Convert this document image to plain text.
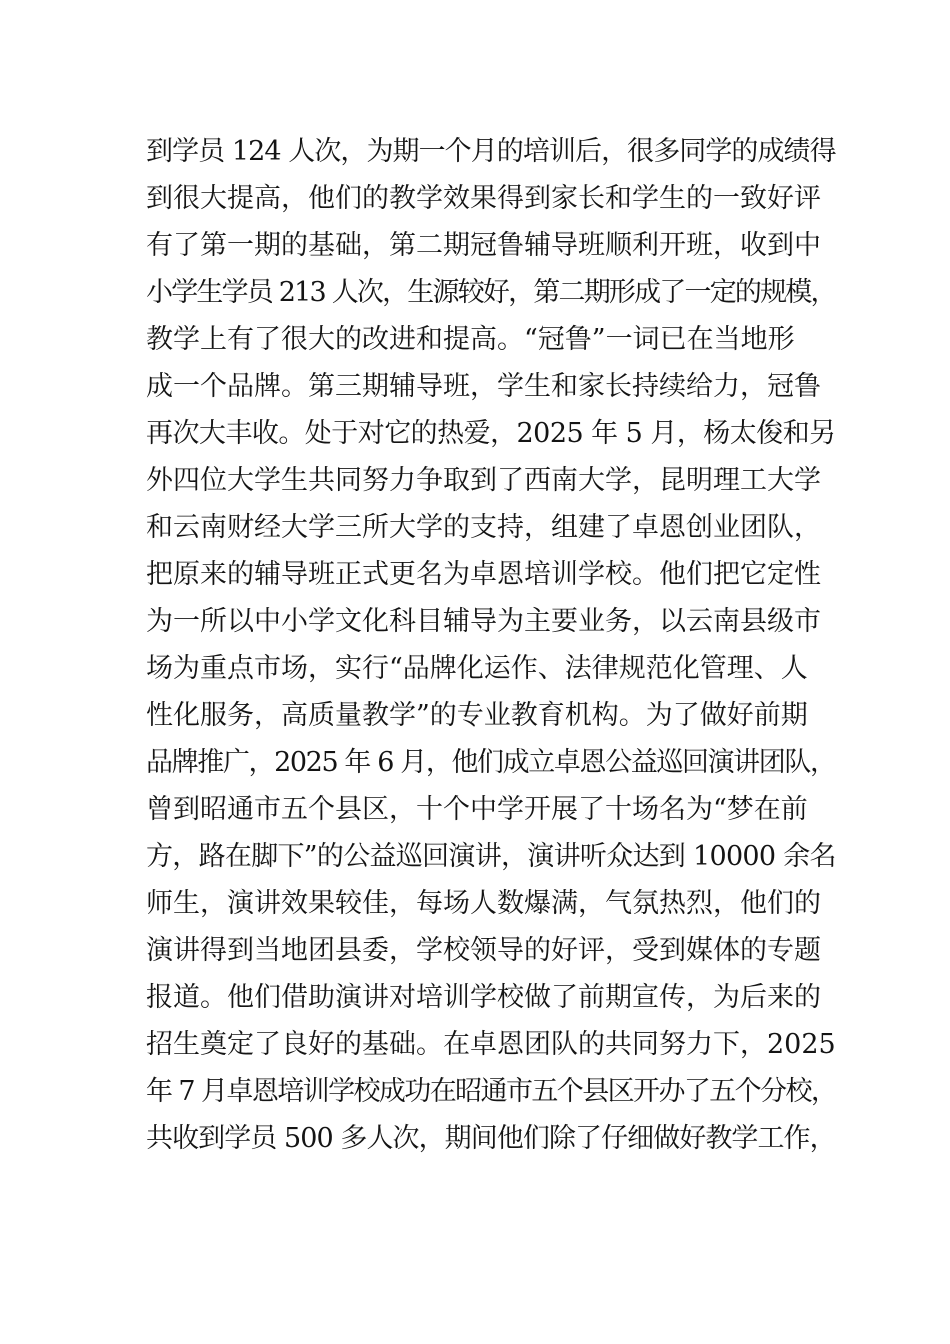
到学员 124 人次，为期一个月的培训后，很多同学的成绩得
到很大提高，他们的教学效果得到家长和学生的一致好评
有了第一期的基础，第二期冠鲁辅导班顺利开班，收到中
小学生学员 213 人次，生源较好，第二期形成了一定的规模，
教学上有了很大的改进和提高。“冠鲁”一词已在当地形
成一个品牌。第三期辅导班，学生和家长持续给力，冠鲁
再次大丰收。处于对它的热爱，2025 年 5 月，杨太俊和另
外四位大学生共同努力争取到了西南大学，昆明理工大学
和云南财经大学三所大学的支持，组建了卓恩创业团队，
把原来的辅导班正式更名为卓恩培训学校。他们把它定性
为一所以中小学文化科目辅导为主要业务，以云南县级市
场为重点市场，实行“品牌化运作、法律规范化管理、人
性化服务，高质量教学”的专业教育机构。为了做好前期
品牌推广，2025 年 6 月，他们成立卓恩公益巡回演讲团队，
曾到昭通市五个县区，十个中学开展了十场名为“梦在前
方，路在脚下”的公益巡回演讲，演讲听众达到 10000 余名
师生，演讲效果较佳，每场人数爆满，气氛热烈，他们的
演讲得到当地团县委，学校领导的好评，受到媒体的专题
报道。他们借助演讲对培训学校做了前期宣传，为后来的
招生奠定了良好的基础。在卓恩团队的共同努力下，2025
年 7 月卓恩培训学校成功在昭通市五个县区开办了五个分校，
共收到学员 500 多人次，期间他们除了仔细做好教学工作，
